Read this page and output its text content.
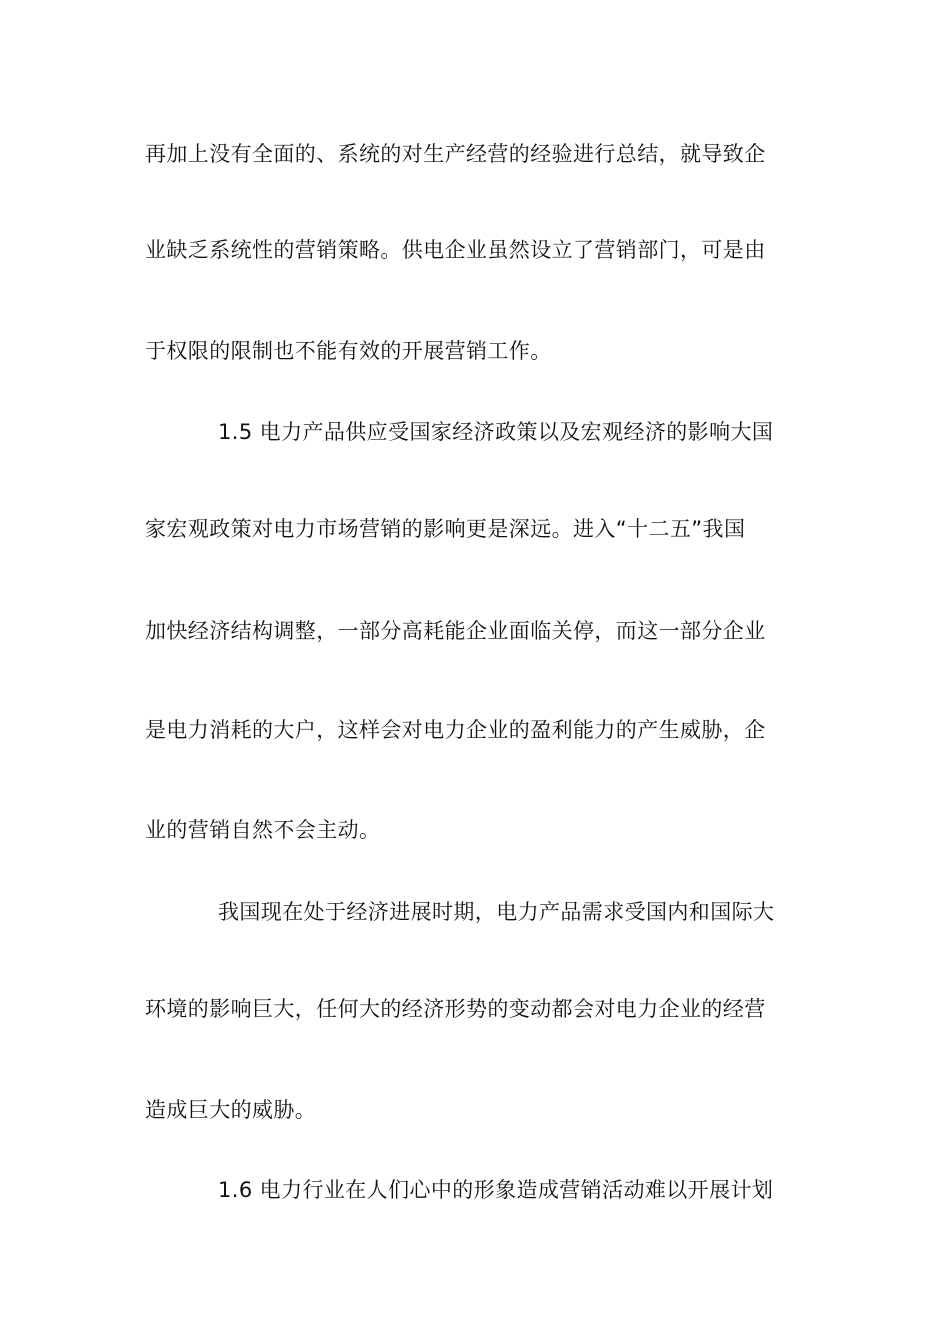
再加上没有全面的、系统的对生产经营的经验进行总结，就导致企
业缺乏系统性的营销策略。供电企业虽然设立了营销部门，可是由
于权限的限制也不能有效的开展营销工作。
1.5 电力产品供应受国家经济政策以及宏观经济的影响大国
家宏观政策对电力市场营销的影响更是深远。进入“十二五”我国
加快经济结构调整，一部分高耗能企业面临关停，而这一部分企业
是电力消耗的大户，这样会对电力企业的盈利能力的产生威胁，企
业的营销自然不会主动。
我国现在处于经济进展时期，电力产品需求受国内和国际大
环境的影响巨大，任何大的经济形势的变动都会对电力企业的经营
造成巨大的威胁。
1.6 电力行业在人们心中的形象造成营销活动难以开展计划
